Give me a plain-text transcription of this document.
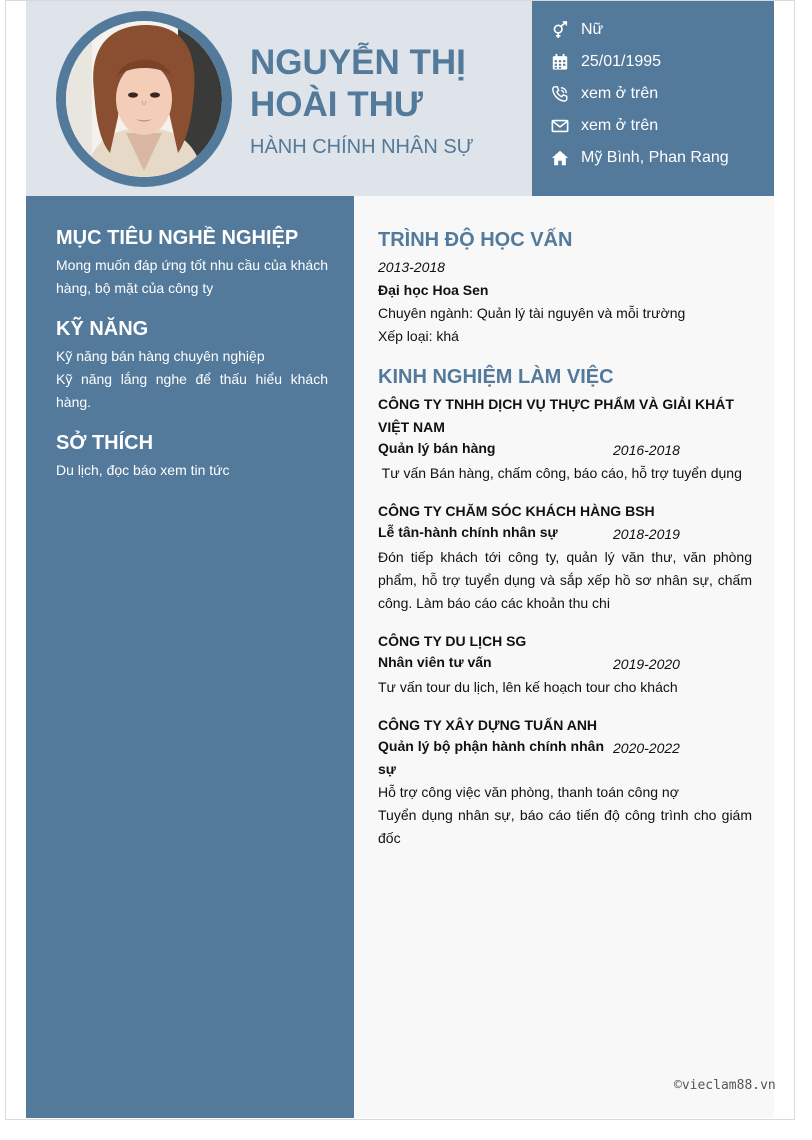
NGUYỄN THỊ HOÀI THƯ
HÀNH CHÍNH NHÂN SỰ
Nữ
25/01/1995
xem ở trên
xem ở trên
Mỹ Bình, Phan Rang
MỤC TIÊU NGHỀ NGHIỆP
Mong muốn đáp ứng tốt nhu cầu của khách hàng, bộ mặt của công ty
KỸ NĂNG
Kỹ năng bán hàng chuyên nghiệp
Kỹ năng lắng nghe để thấu hiểu khách hàng.
SỞ THÍCH
Du lịch, đọc báo xem tin tức
TRÌNH ĐỘ HỌC VẤN
2013-2018
Đại học Hoa Sen
Chuyên ngành: Quản lý tài nguyên và mỗi trường
Xếp loại: khá
KINH NGHIỆM LÀM VIỆC
CÔNG TY TNHH DỊCH VỤ THỰC PHẨM VÀ GIẢI KHÁT VIỆT NAM
Quản lý bán hàng	2016-2018
Tư vấn Bán hàng, chấm công, báo cáo, hỗ trợ tuyển dụng
CÔNG TY CHĂM SÓC KHÁCH HÀNG BSH
Lễ tân-hành chính nhân sự	2018-2019
Đón tiếp khách tới công ty, quản lý văn thư, văn phòng phẩm, hỗ trợ tuyển dụng và sắp xếp hồ sơ nhân sự, chấm công. Làm báo cáo các khoản thu chi
CÔNG TY DU LỊCH SG
Nhân viên tư vấn	2019-2020
Tư vấn tour du lịch, lên kế hoạch tour cho khách
CÔNG TY XÂY DỰNG TUẤN ANH
Quản lý bộ phận hành chính nhân sự
2020-2022
Hỗ trợ công việc văn phòng, thanh toán công nợ
Tuyển dụng nhân sự, báo cáo tiến độ công trình cho giám đốc
©vieclam88.vn
